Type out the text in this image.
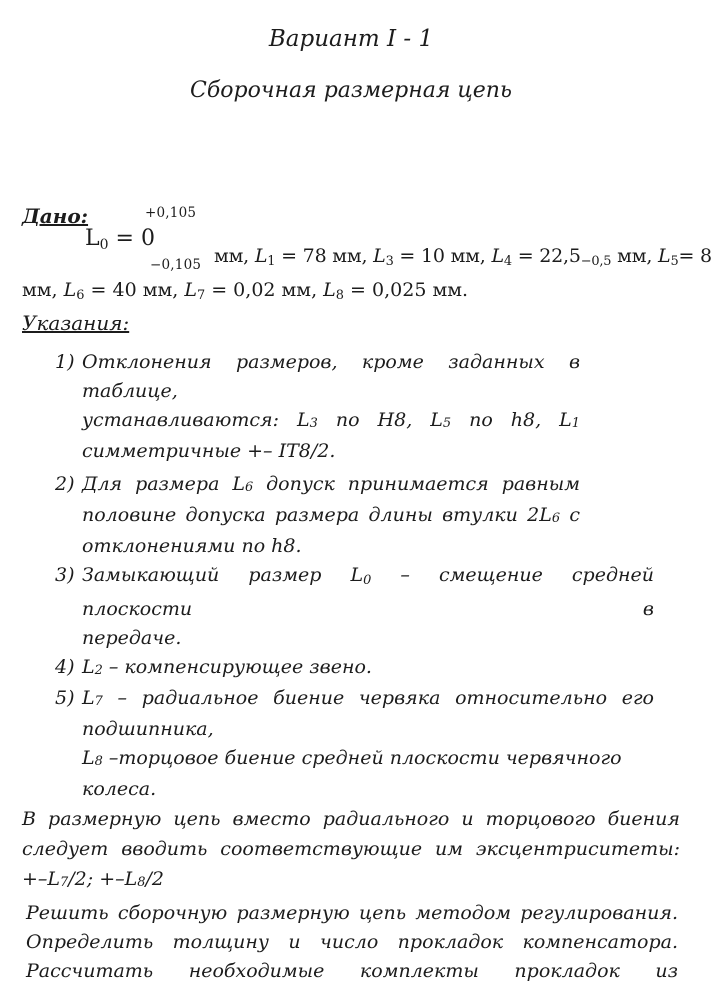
Вариант I - 1
Сборочная размерная цепь
Дано:	+0,105
$L_0 = 0$
−0,105 мм, $L_1 = 78$ мм, $L_3 = 10$ мм, $L_4 = 22,5_{-0,5}$ мм, $L_5= 8$
мм, $L_6 = 40$ мм, $L_7 = 0,02$ мм, $L_8 = 0,025$ мм.
Указания:
1) Отклонения размеров, кроме заданных в таблице,
устанавливаются: L3 по H8, L5 по h8, L1
симметричные +– IT8/2.
2) Для размера L6 допуск принимается равным
половине допуска размера длины втулки 2L6 с
отклонениями по h8.
3) Замыкающий размер $L_0$ – смещение средней плоскости в
передаче.
4) L2 – компенсирующее звено.
5) L7 – радиальное биение червяка относительно его
подшипника,
L8 –торцовое биение средней плоскости червячного колеса.
В размерную цепь вместо радиального и торцового биения
следует вводить соответствующие им эксцентриситеты:
+–L7/2; +–L8/2
Решить сборочную размерную цепь методом регулирования.
Определить толщину и число прокладок компенсатора.
Рассчитать необходимые комплекты прокладок из
